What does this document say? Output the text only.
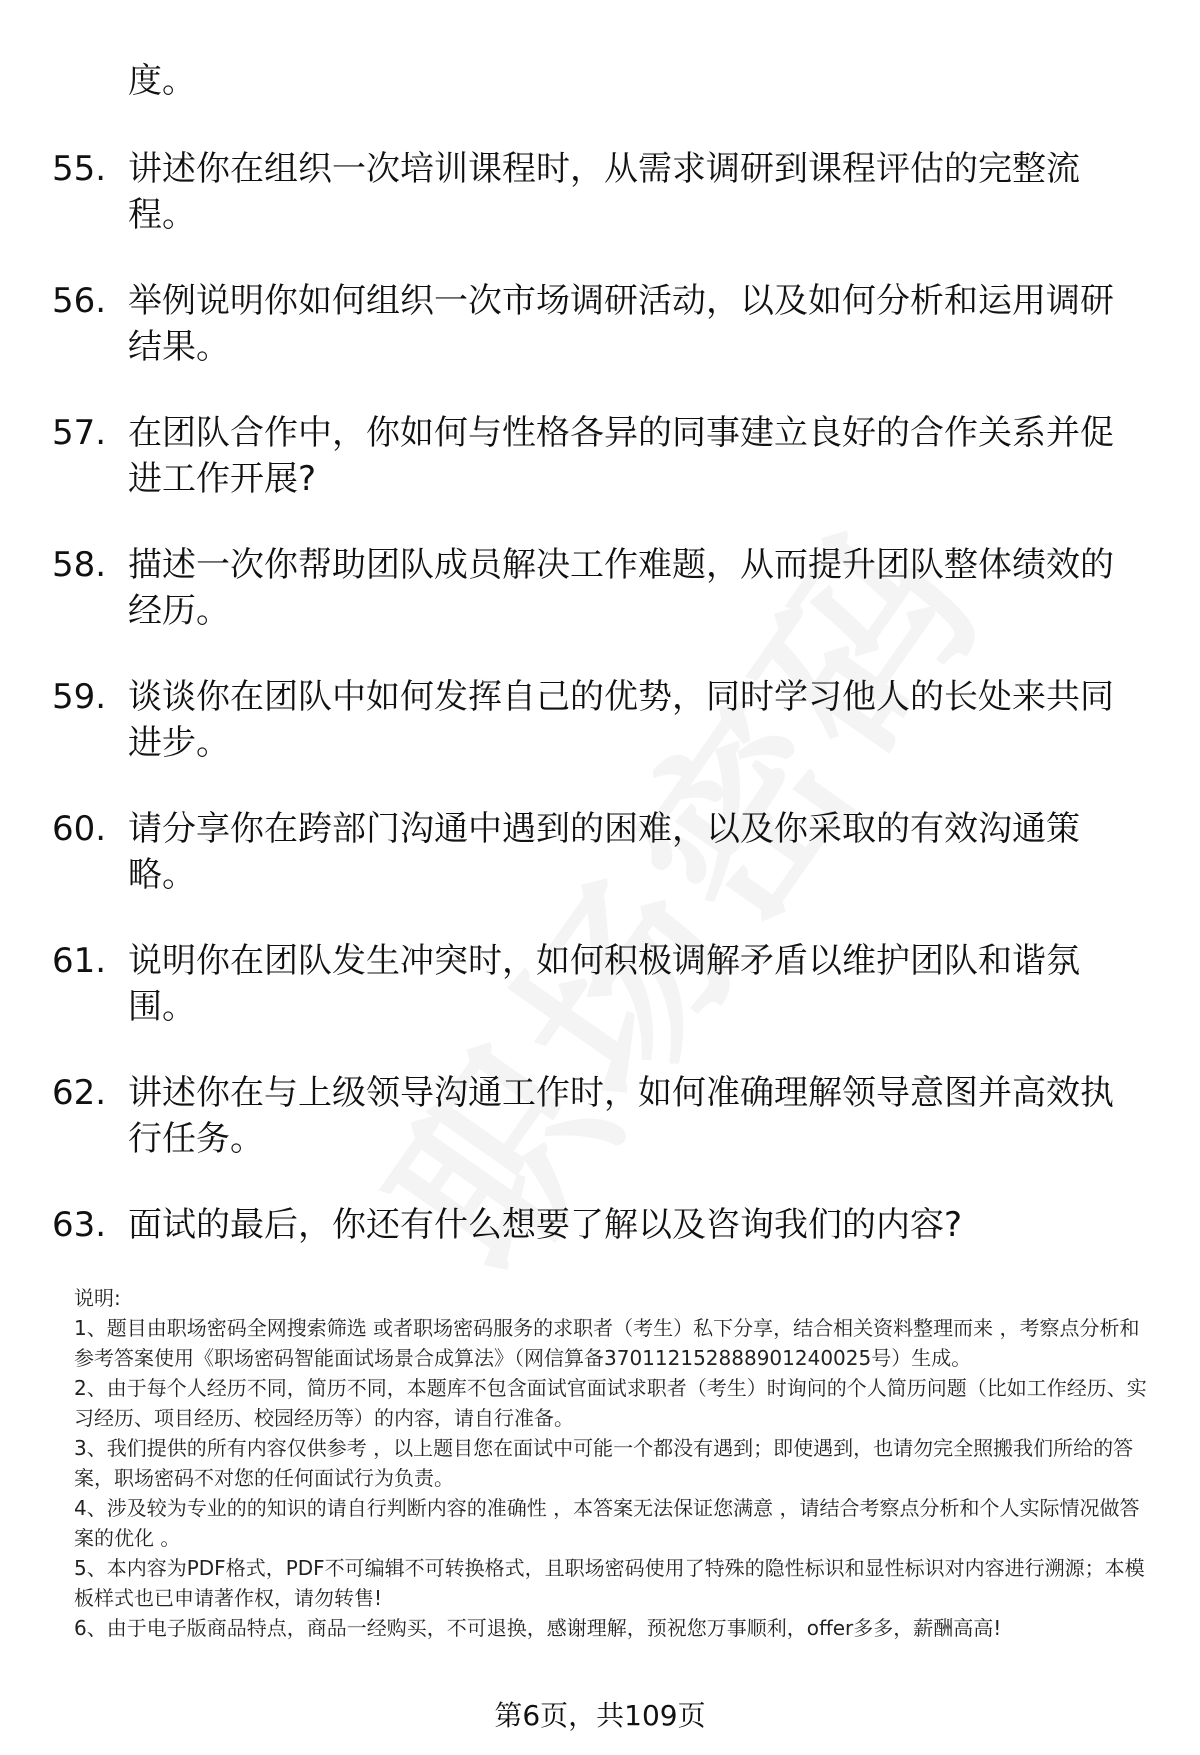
度。
55. 讲述你在组织一次培训课程时，从需求调研到课程评估的完整流程。
56. 举例说明你如何组织一次市场调研活动，以及如何分析和运用调研结果。
57. 在团队合作中，你如何与性格各异的同事建立良好的合作关系并促进工作开展?
58. 描述一次你帮助团队成员解决工作难题，从而提升团队整体绩效的经历。
59. 谈谈你在团队中如何发挥自己的优势，同时学习他人的长处来共同进步。
60. 请分享你在跨部门沟通中遇到的困难，以及你采取的有效沟通策略。
61. 说明你在团队发生冲突时，如何积极调解矛盾以维护团队和谐氛围。
62. 讲述你在与上级领导沟通工作时，如何准确理解领导意图并高效执行任务。
63. 面试的最后，你还有什么想要了解以及咨询我们的内容?

说明:

1、题目由职场密码全网搜索筛选 或者职场密码服务的求职者（考生）私下分享，结合相关资料整理而来 ，考察点分析和参考答案使用《职场密码智能面试场景合成算法》（网信算备370112152888901240025号）生成。

2、由于每个人经历不同，简历不同，本题库不包含面试官面试求职者（考生）时询问的个人简历问题（比如工作经历、实习经历、项目经历、校园经历等）的内容，请自行准备。

3、我们提供的所有内容仅供参考 ，以上题目您在面试中可能一个都没有遇到；即使遇到，也请勿完全照搬我们所给的答案，职场密码不对您的任何面试行为负责。

4、涉及较为专业的的知识的请自行判断内容的准确性 ，本答案无法保证您满意 ，请结合考察点分析和个人实际情况做答案的优化 。

5、本内容为PDF格式，PDF不可编辑不可转换格式，且职场密码使用了特殊的隐性标识和显性标识对内容进行溯源；本模板样式也已申请著作权，请勿转售!

6、由于电子版商品特点，商品一经购买，不可退换，感谢理解，预祝您万事顺利，offer多多，薪酬高高!

第6页，共109页
